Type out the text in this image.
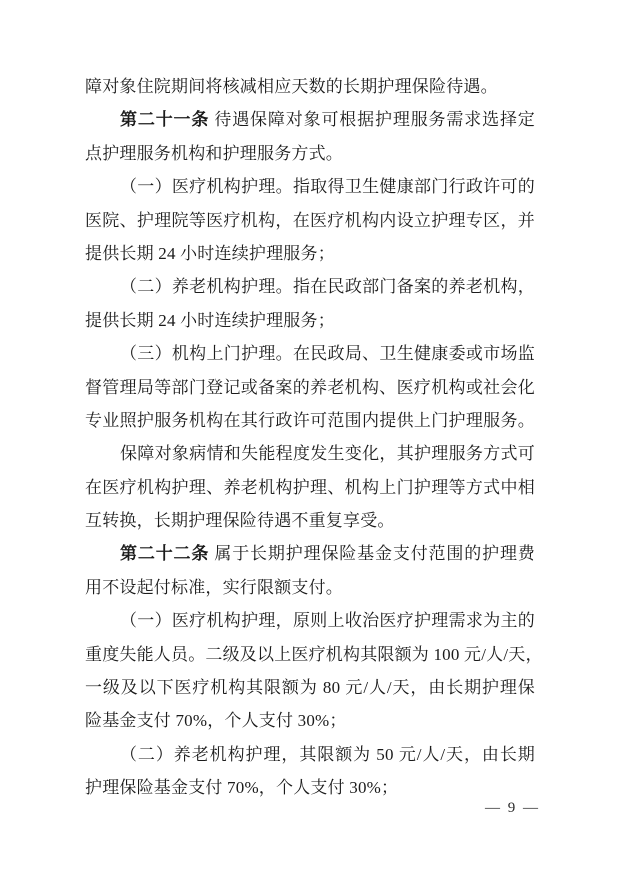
障对象住院期间将核减相应天数的长期护理保险待遇。
第二十一条 待遇保障对象可根据护理服务需求选择定
点护理服务机构和护理服务方式。
（一）医疗机构护理。指取得卫生健康部门行政许可的
医院、护理院等医疗机构，在医疗机构内设立护理专区，并
提供长期 24 小时连续护理服务；
（二）养老机构护理。指在民政部门备案的养老机构，
提供长期 24 小时连续护理服务；
（三）机构上门护理。在民政局、卫生健康委或市场监
督管理局等部门登记或备案的养老机构、医疗机构或社会化
专业照护服务机构在其行政许可范围内提供上门护理服务。
保障对象病情和失能程度发生变化，其护理服务方式可
在医疗机构护理、养老机构护理、机构上门护理等方式中相
互转换，长期护理保险待遇不重复享受。
第二十二条 属于长期护理保险基金支付范围的护理费
用不设起付标准，实行限额支付。
（一）医疗机构护理，原则上收治医疗护理需求为主的
重度失能人员。二级及以上医疗机构其限额为 100 元/人/天，
一级及以下医疗机构其限额为 80 元/人/天，由长期护理保
险基金支付 70%，个人支付 30%；
（二）养老机构护理，其限额为 50 元/人/天，由长期
护理保险基金支付 70%，个人支付 30%；
— 9 —
